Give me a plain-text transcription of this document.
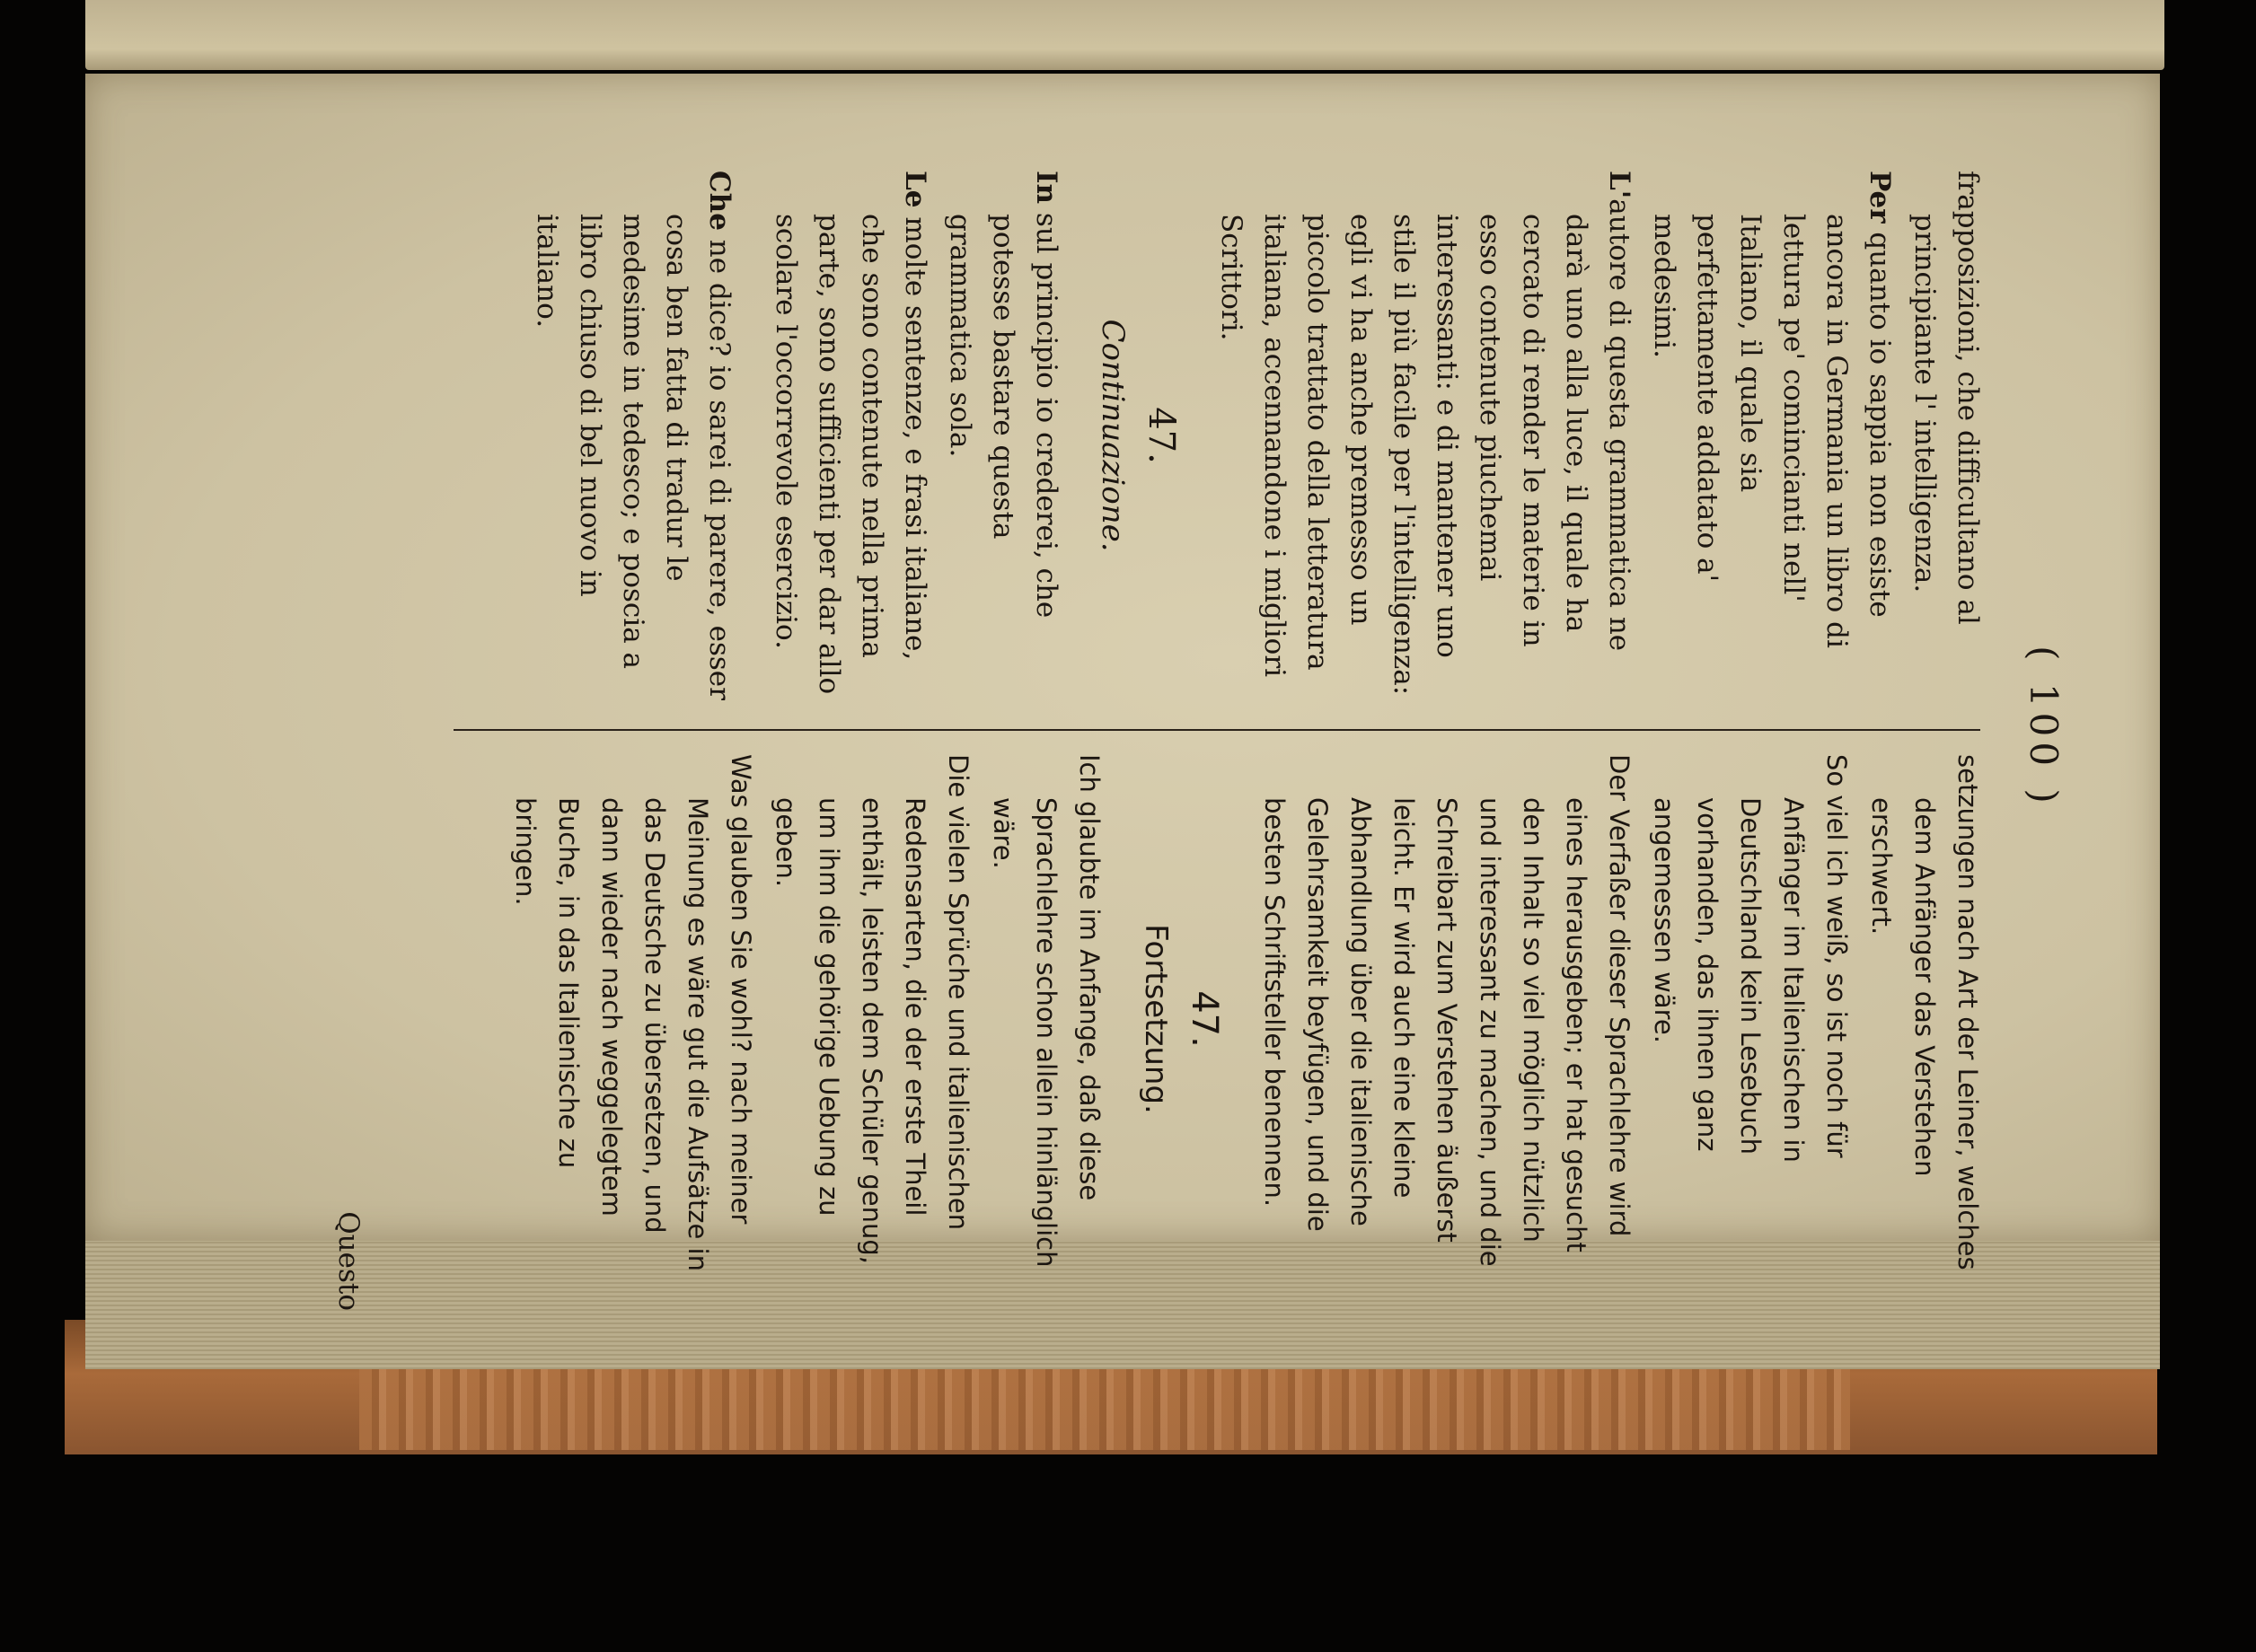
( 100 )

frapposizioni, che difficultano al principiante l' intelligenza.

Per quanto io sappia non esiste ancora in Germania un libro di lettura pe' comincianti nell' Italiano, il quale sia perfettamente addatato a' medesimi.

L'autore di questa grammatica ne darà uno alla luce, il quale ha cercato di render le materie in esso contenute piuchemai interessanti: e di mantener uno stile il più facile per l'intelligenza: egli vi ha anche premesso un piccolo trattato della letteratura italiana, accennandone i migliori Scrittori.

47.
Continuazione.

In sul principio io crederei, che potesse bastare questa grammatica sola.

Le molte sentenze, e frasi italiane, che sono contenute nella prima parte, sono sufficienti per dar allo scolare l'occorrevole esercizio.

Che ne dice? io sarei di parere, esser cosa ben fatta di tradur le medesime in tedesco; e poscia a libro chiuso di bel nuovo in italiano.

setzungen nach Art der Leiner, welches dem Anfänger das Verstehen erschwert.

So viel ich weiß, so ist noch für Anfänger im Italienischen in Deutschland kein Lesebuch vorhanden, das ihnen ganz angemessen wäre.

Der Verfaßer dieser Sprachlehre wird eines herausgeben; er hat gesucht den Inhalt so viel möglich nützlich und interessant zu machen, und die Schreibart zum Verstehen äußerst leicht. Er wird auch eine kleine Abhandlung über die italienische Gelehrsamkeit beyfügen, und die besten Schriftsteller benennen.

47.
Fortsetzung.

Ich glaubte im Anfange, daß diese Sprachlehre schon allein hinlänglich wäre.

Die vielen Sprüche und italienischen Redensarten, die der erste Theil enthält, leisten dem Schüler genug, um ihm die gehörige Uebung zu geben.

Was glauben Sie wohl? nach meiner Meinung es wäre gut die Aufsätze in das Deutsche zu übersetzen, und dann wieder nach weggelegtem Buche, in das Italienische zu bringen.

Questo
